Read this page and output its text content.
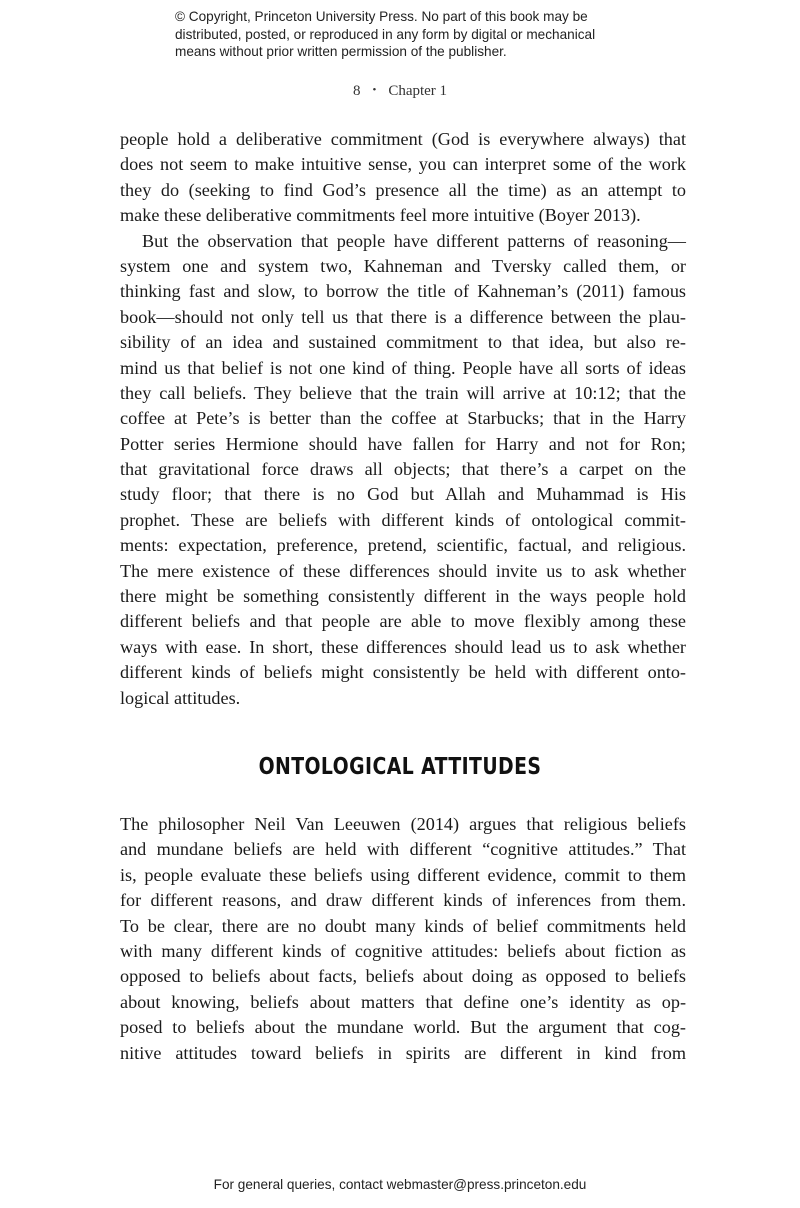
© Copyright, Princeton University Press. No part of this book may be
distributed, posted, or reproduced in any form by digital or mechanical
means without prior written permission of the publisher.
8 • Chapter 1
people hold a deliberative commitment (God is everywhere always) that
does not seem to make intuitive sense, you can interpret some of the work
they do (seeking to find God’s presence all the time) as an attempt to
make these deliberative commitments feel more intuitive (Boyer 2013).
But the observation that people have different patterns of reasoning—
system one and system two, Kahneman and Tversky called them, or
thinking fast and slow, to borrow the title of Kahneman’s (2011) famous
book—should not only tell us that there is a difference between the plau-
sibility of an idea and sustained commitment to that idea, but also re-
mind us that belief is not one kind of thing. People have all sorts of ideas
they call beliefs. They believe that the train will arrive at 10:12; that the
coffee at Pete’s is better than the coffee at Starbucks; that in the Harry
Potter series Hermione should have fallen for Harry and not for Ron;
that gravitational force draws all objects; that there’s a carpet on the
study floor; that there is no God but Allah and Muhammad is His
prophet. These are beliefs with different kinds of ontological commit-
ments: expectation, preference, pretend, scientific, factual, and religious.
The mere existence of these differences should invite us to ask whether
there might be something consistently different in the ways people hold
different beliefs and that people are able to move flexibly among these
ways with ease. In short, these differences should lead us to ask whether
different kinds of beliefs might consistently be held with different onto-
logical attitudes.
ONTOLOGICAL ATTITUDES
The philosopher Neil Van Leeuwen (2014) argues that religious beliefs
and mundane beliefs are held with different “cognitive attitudes.” That
is, people evaluate these beliefs using different evidence, commit to them
for different reasons, and draw different kinds of inferences from them.
To be clear, there are no doubt many kinds of belief commitments held
with many different kinds of cognitive attitudes: beliefs about fiction as
opposed to beliefs about facts, beliefs about doing as opposed to beliefs
about knowing, beliefs about matters that define one’s identity as op-
posed to beliefs about the mundane world. But the argument that cog-
nitive attitudes toward beliefs in spirits are different in kind from
For general queries, contact webmaster@press.princeton.edu
